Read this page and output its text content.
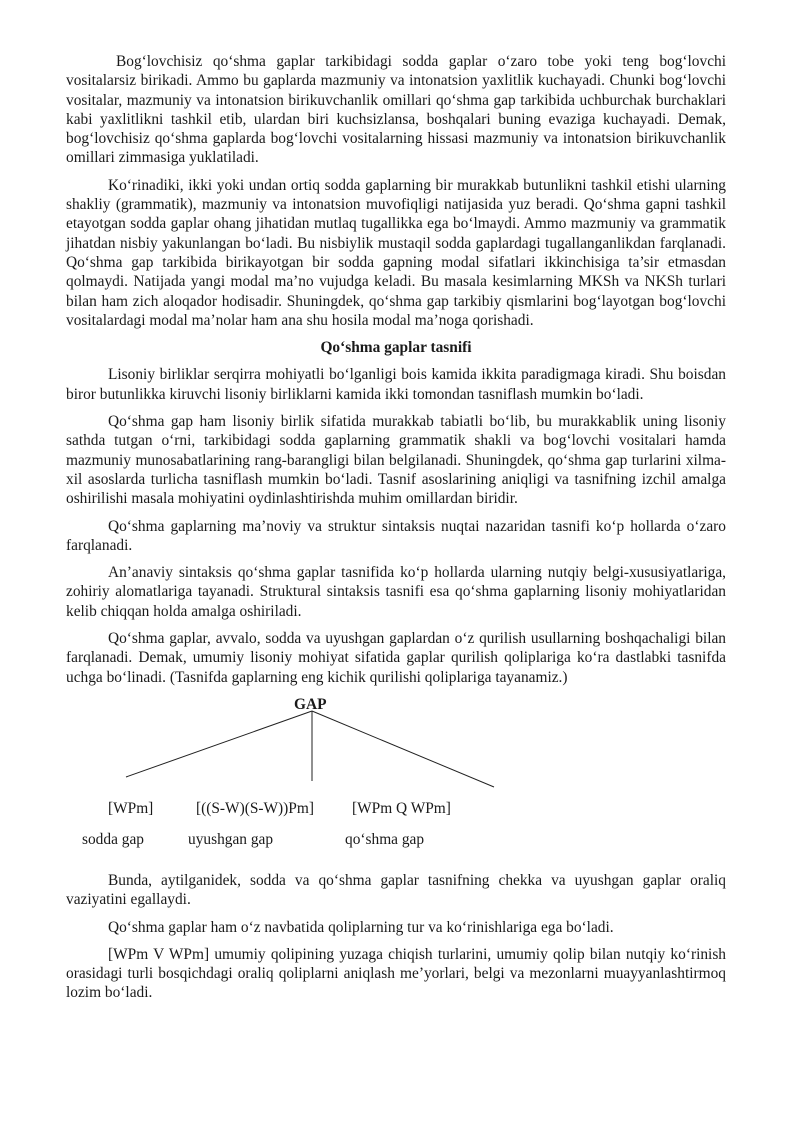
Bog‘lovchisiz qo‘shma gaplar tarkibidagi sodda gaplar o‘zaro tobe yoki teng bog‘lovchi vositalarsiz birikadi. Ammo bu gaplarda mazmuniy va intonatsion yaxlitlik kuchayadi. Chunki bog‘lovchi vositalar, mazmuniy va intonatsion birikuvchanlik omillari qo‘shma gap tarkibida uchburchak burchaklari kabi yaxlitlikni tashkil etib, ulardan biri kuchsizlansa, boshqalari buning evaziga kuchayadi. Demak, bog‘lovchisiz qo‘shma gaplarda bog‘lovchi vositalarning hissasi mazmuniy va intonatsion birikuvchanlik omillari zimmasiga yuklatiladi.

Ko‘rinadiki, ikki yoki undan ortiq sodda gaplarning bir murakkab butunlikni tashkil etishi ularning shakliy (grammatik), mazmuniy va intonatsion muvofiqligi natijasida yuz beradi. Qo‘shma gapni tashkil etayotgan sodda gaplar ohang jihatidan mutlaq tugallikka ega bo‘lmaydi. Ammo mazmuniy va grammatik jihatdan nisbiy yakunlangan bo‘ladi. Bu nisbiylik mustaqil sodda gaplardagi tugallanganlikdan farqlanadi. Qo‘shma gap tarkibida birikayotgan bir sodda gapning modal sifatlari ikkinchisiga ta’sir etmasdan qolmaydi. Natijada yangi modal ma’no vujudga keladi. Bu masala kesimlarning MKSh va NKSh turlari bilan ham zich aloqador hodisadir. Shuningdek, qo‘shma gap tarkibiy qismlarini bog‘layotgan bog‘lovchi vositalardagi modal ma’nolar ham ana shu hosila modal ma’noga qorishadi.

Qo‘shma gaplar tasnifi

Lisoniy birliklar serqirra mohiyatli bo‘lganligi bois kamida ikkita paradigmaga kiradi. Shu boisdan biror butunlikka kiruvchi lisoniy birliklarni kamida ikki tomondan tasniflash mumkin bo‘ladi.

Qo‘shma gap ham lisoniy birlik sifatida murakkab tabiatli bo‘lib, bu murakkablik uning lisoniy sathda tutgan o‘rni, tarkibidagi sodda gaplarning grammatik shakli va bog‘lovchi vositalari hamda mazmuniy munosabatlarining rang-barangligi bilan belgilanadi. Shuningdek, qo‘shma gap turlarini xilma-xil asoslarda turlicha tasniflash mumkin bo‘ladi. Tasnif asoslarining aniqligi va tasnifning izchil amalga oshirilishi masala mohiyatini oydinlashtirishda muhim omillardan biridir.

Qo‘shma gaplarning ma’noviy va struktur sintaksis nuqtai nazaridan tasnifi ko‘p hollarda o‘zaro farqlanadi.

An’anaviy sintaksis qo‘shma gaplar tasnifida ko‘p hollarda ularning nutqiy belgi-xususiyatlariga, zohiriy alomatlariga tayanadi. Struktural sintaksis tasnifi esa qo‘shma gaplarning lisoniy mohiyatlaridan kelib chiqqan holda amalga oshiriladi.

Qo‘shma gaplar, avvalo, sodda va uyushgan gaplardan o‘z qurilish usullarning boshqachaligi bilan farqlanadi. Demak, umumiy lisoniy mohiyat sifatida gaplar qurilish qoliplariga ko‘ra dastlabki tasnifda uchga bo‘linadi. (Tasnifda gaplarning eng kichik qurilishi qoliplariga tayanamiz.)

GAP
[WPm]	[((S-W)(S-W))Pm] [WPm Q WPm]
sodda gap	uyushgan gap	qo‘shma gap

Bunda, aytilganidek, sodda va qo‘shma gaplar tasnifning chekka va uyushgan gaplar oraliq vaziyatini egallaydi.

Qo‘shma gaplar ham o‘z navbatida qoliplarning tur va ko‘rinishlariga ega bo‘ladi.

[WPm V WPm] umumiy qolipining yuzaga chiqish turlarini, umumiy qolip bilan nutqiy ko‘rinish orasidagi turli bosqichdagi oraliq qoliplarni aniqlash me’yorlari, belgi va mezonlarni muayyanlashtirmoq lozim bo‘ladi.
